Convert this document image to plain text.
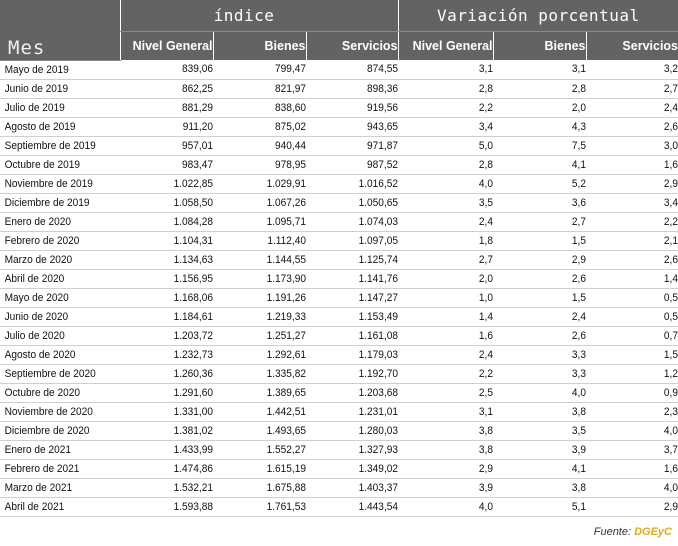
Mes	índice			Variación porcentual		
	Nivel General	Bienes	Servicios	Nivel General	Bienes	Servicios
Mayo de 2019	839,06	799,47	874,55	3,1	3,1	3,2
Junio de 2019	862,25	821,97	898,36	2,8	2,8	2,7
Julio de 2019	881,29	838,60	919,56	2,2	2,0	2,4
Agosto de 2019	911,20	875,02	943,65	3,4	4,3	2,6
Septiembre de 2019	957,01	940,44	971,87	5,0	7,5	3,0
Octubre de 2019	983,47	978,95	987,52	2,8	4,1	1,6
Noviembre de 2019	1.022,85	1.029,91	1.016,52	4,0	5,2	2,9
Diciembre de 2019	1.058,50	1.067,26	1.050,65	3,5	3,6	3,4
Enero de 2020	1.084,28	1.095,71	1.074,03	2,4	2,7	2,2
Febrero de 2020	1.104,31	1.112,40	1.097,05	1,8	1,5	2,1
Marzo de 2020	1.134,63	1.144,55	1.125,74	2,7	2,9	2,6
Abril de 2020	1.156,95	1.173,90	1.141,76	2,0	2,6	1,4
Mayo de 2020	1.168,06	1.191,26	1.147,27	1,0	1,5	0,5
Junio de 2020	1.184,61	1.219,33	1.153,49	1,4	2,4	0,5
Julio de 2020	1.203,72	1.251,27	1.161,08	1,6	2,6	0,7
Agosto de 2020	1.232,73	1.292,61	1.179,03	2,4	3,3	1,5
Septiembre de 2020	1.260,36	1.335,82	1.192,70	2,2	3,3	1,2
Octubre de 2020	1.291,60	1.389,65	1.203,68	2,5	4,0	0,9
Noviembre de 2020	1.331,00	1.442,51	1.231,01	3,1	3,8	2,3
Diciembre de 2020	1.381,02	1.493,65	1.280,03	3,8	3,5	4,0
Enero de 2021	1.433,99	1.552,27	1.327,93	3,8	3,9	3,7
Febrero de 2021	1.474,86	1.615,19	1.349,02	2,9	4,1	1,6
Marzo de 2021	1.532,21	1.675,88	1.403,37	3,9	3,8	4,0
Abril de 2021	1.593,88	1.761,53	1.443,54	4,0	5,1	2,9
Fuente: DGEyC
